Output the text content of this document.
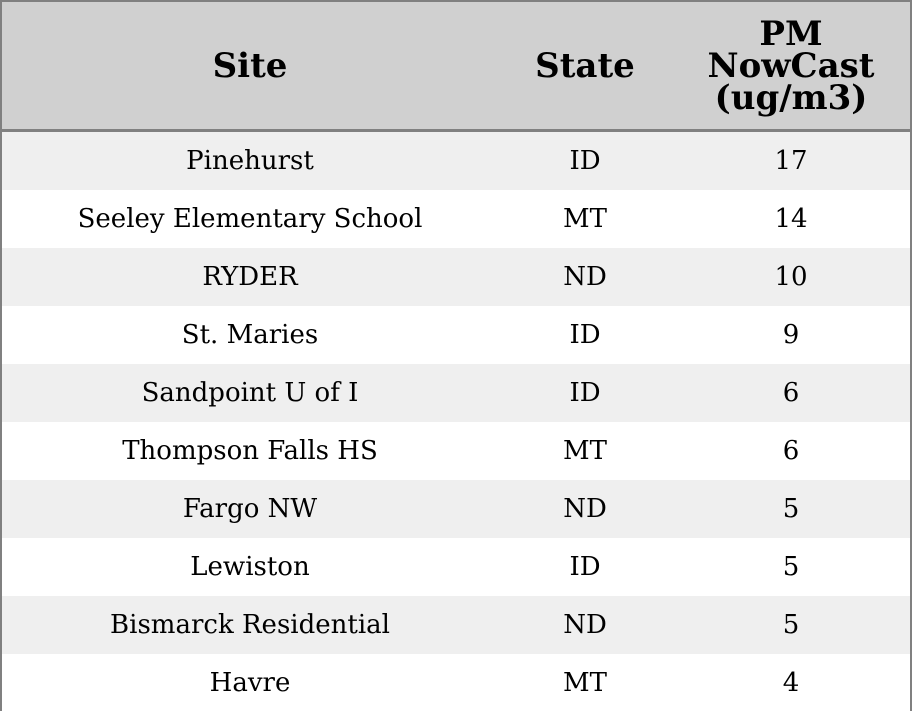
Site	State	PM
NowCast
(ug/m3)

Pinehurst	ID	17
Seeley Elementary School	MT	14
RYDER	ND	10
St. Maries	ID	9
Sandpoint U of I	ID	6
Thompson Falls HS	MT	6
Fargo NW	ND	5
Lewiston	ID	5
Bismarck Residential	ND	5
Havre	MT	4
